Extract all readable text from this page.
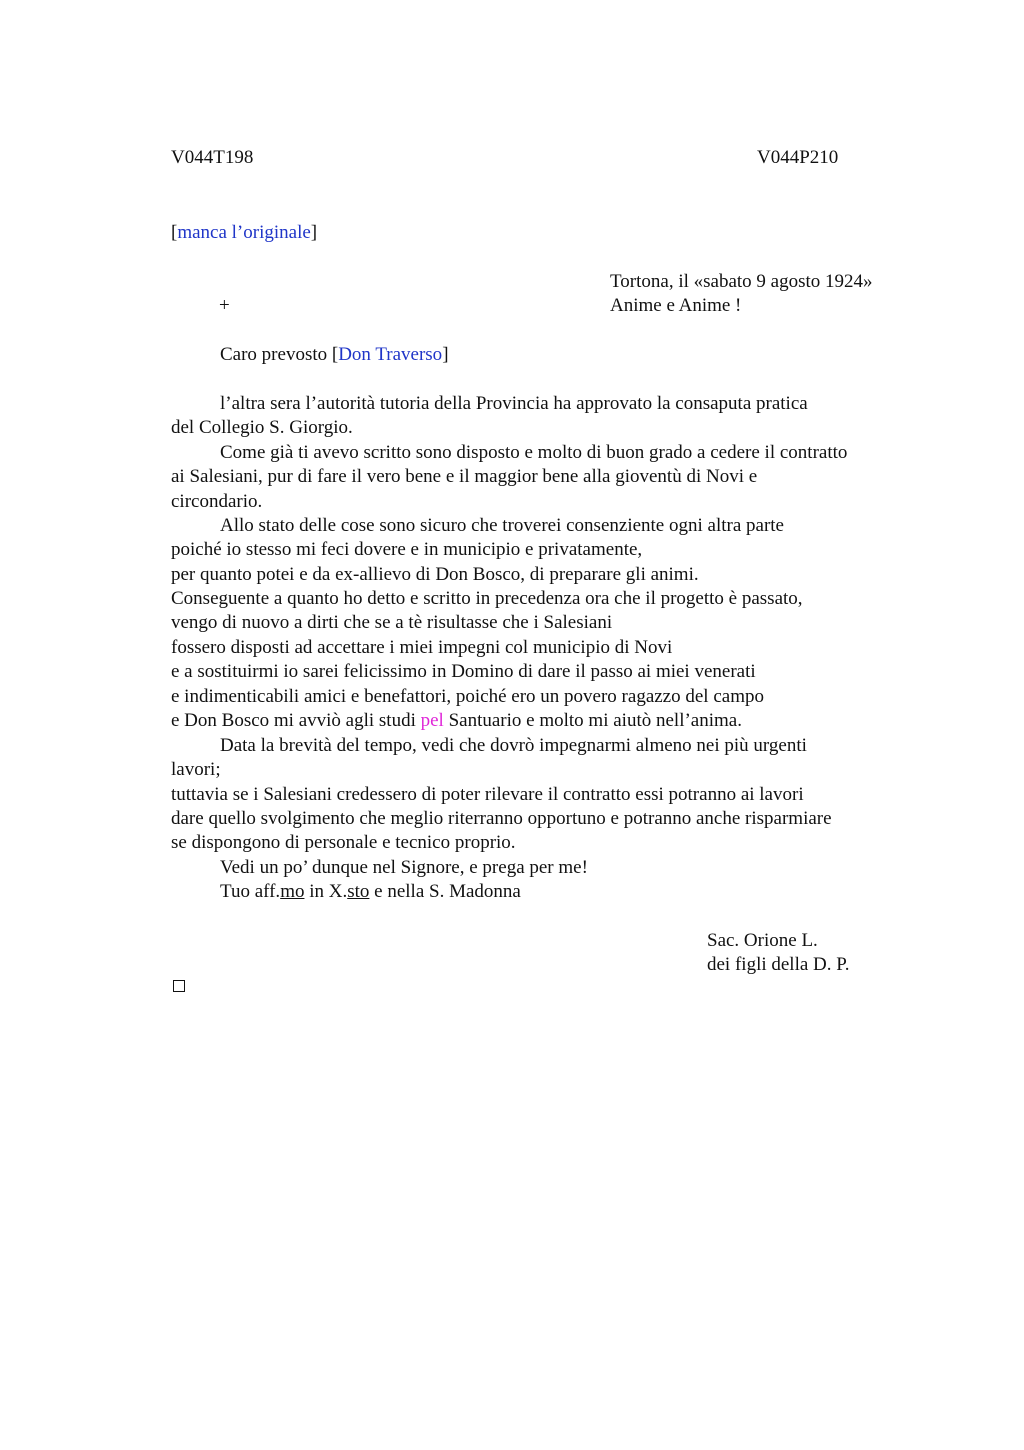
V044T198	V044P210
[manca l’originale]
Tortona, il «sabato 9 agosto 1924»
+	Anime e Anime !
Caro prevosto [Don Traverso]
l’altra sera l’autorità tutoria della Provincia ha approvato la consaputa pratica
del Collegio S. Giorgio.
Come già ti avevo scritto sono disposto e molto di buon grado a cedere il contratto
ai Salesiani, pur di fare il vero bene e il maggior bene alla gioventù di Novi e
circondario.
Allo stato delle cose sono sicuro che troverei consenziente ogni altra parte
poiché io stesso mi feci dovere e in municipio e privatamente,
per quanto potei e da ex-allievo di Don Bosco, di preparare gli animi.
Conseguente a quanto ho detto e scritto in precedenza ora che il progetto è passato,
vengo di nuovo a dirti che se a tè risultasse che i Salesiani
fossero disposti ad accettare i miei impegni col municipio di Novi
e a sostituirmi io sarei felicissimo in Domino di dare il passo ai miei venerati
e indimenticabili amici e benefattori, poiché ero un povero ragazzo del campo
e Don Bosco mi avviò agli studi pel Santuario e molto mi aiutò nell’anima.
Data la brevità del tempo, vedi che dovrò impegnarmi almeno nei più urgenti
lavori;
tuttavia se i Salesiani credessero di poter rilevare il contratto essi potranno ai lavori
dare quello svolgimento che meglio riterranno opportuno e potranno anche risparmiare
se dispongono di personale e tecnico proprio.
Vedi un po’ dunque nel Signore, e prega per me!
Tuo aff.mo in X.sto e nella S. Madonna
Sac. Orione L.
dei figli della D. P.
